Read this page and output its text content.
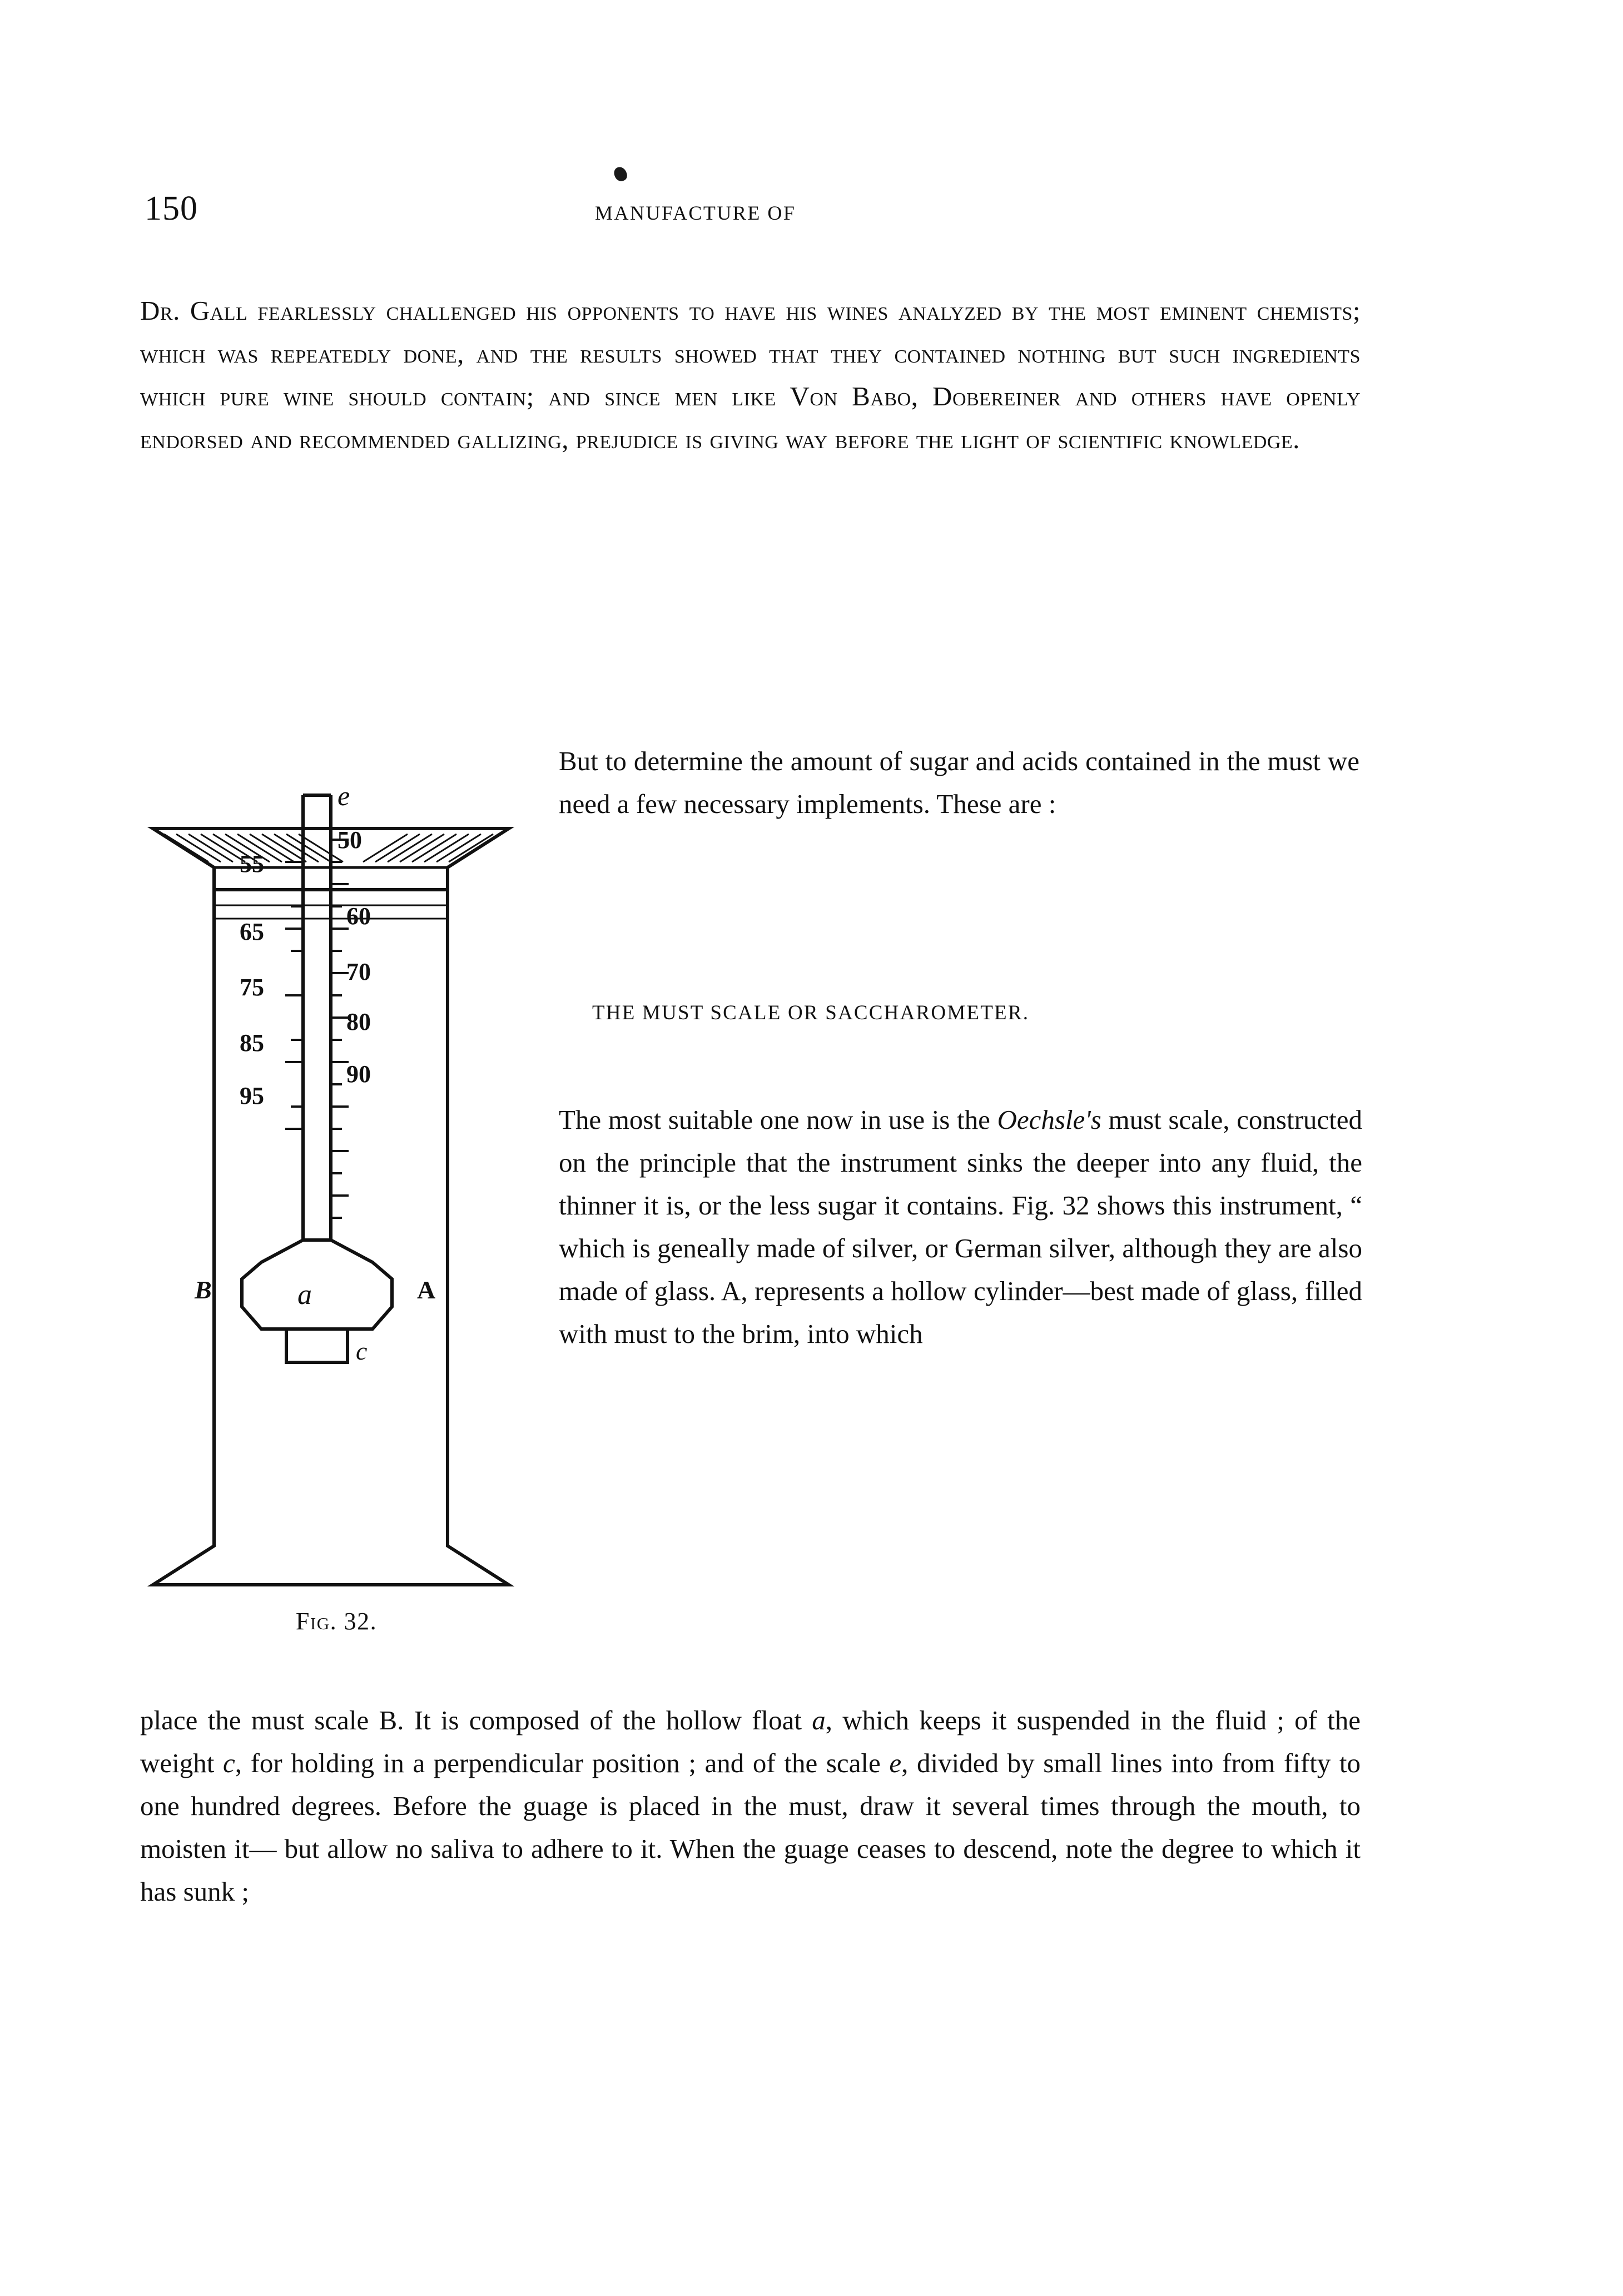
150	MANUFACTURE OF
Dr. Gall fearlessly challenged his opponents to have his wines analyzed by the most eminent chemists; which was repeatedly done, and the results showed that they contained nothing but such ingredients which pure wine should contain; and since men like Von Babo, Dobereiner and others have openly endorsed and recommended gallizing, prejudice is giving way before the light of scientific knowledge.
But to determine the amount of sugar and acids contained in the must we need a few necessary implements. These are :
THE MUST SCALE OR SACCHAROMETER.
The most suitable one now in use is the Oechsle's must scale, constructed on the principle that the instrument sinks the deeper into any fluid, the thinner it is, or the less sugar it contains. Fig. 32 shows this instrument, “ which is geneally made of silver, or German silver, although they are also made of glass. A, represents a hollow cylinder—best made of glass, filled with must to the brim, into which
place the must scale B. It is composed of the hollow float a, which keeps it suspended in the fluid ; of the weight c, for holding in a perpendicular position ; and of the scale e, divided by small lines into from fifty to one hundred degrees. Before the guage is placed in the must, draw it several times through the mouth, to moisten it— but allow no saliva to adhere to it. When the guage ceases to descend, note the degree to which it has sunk ;
55
65
75
85
95
50
60
70
80
90
e
A
B	a
c
Fig. 32.
